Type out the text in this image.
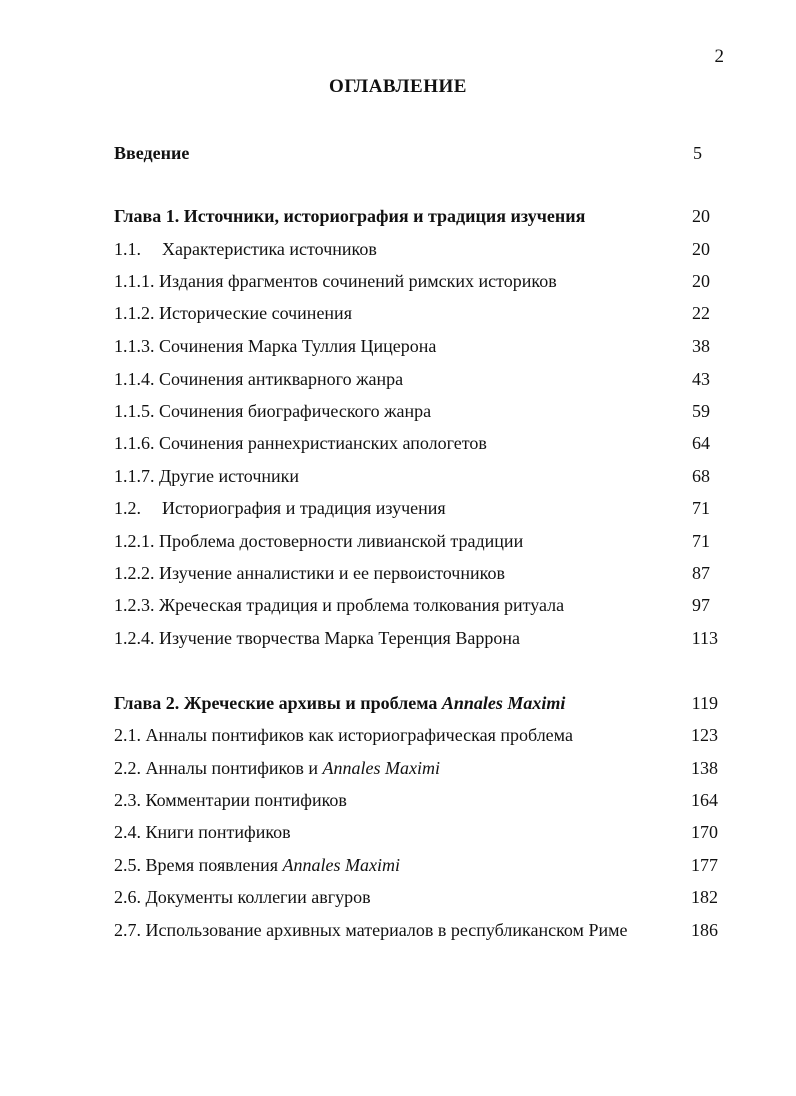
2
ОГЛАВЛЕНИЕ
Введение	5
Глава 1. Источники, историография и традиция изучения	20
1.1. Характеристика источников	20
1.1.1. Издания фрагментов сочинений римских историков	20
1.1.2. Исторические сочинения	22
1.1.3. Сочинения Марка Туллия Цицерона	38
1.1.4. Сочинения антикварного жанра	43
1.1.5. Сочинения биографического жанра	59
1.1.6. Сочинения раннехристианских апологетов	64
1.1.7. Другие источники	68
1.2. Историография и традиция изучения	71
1.2.1. Проблема достоверности ливианской традиции	71
1.2.2. Изучение анналистики и ее первоисточников	87
1.2.3. Жреческая традиция и проблема толкования ритуала	97
1.2.4. Изучение творчества Марка Теренция Варрона	113
Глава 2. Жреческие архивы и проблема Annales Maximi	119
2.1. Анналы понтификов как историографическая проблема	123
2.2. Анналы понтификов и Annales Maximi	138
2.3. Комментарии понтификов	164
2.4. Книги понтификов	170
2.5. Время появления Annales Maximi	177
2.6. Документы коллегии авгуров	182
2.7. Использование архивных материалов в республиканском Риме	186
